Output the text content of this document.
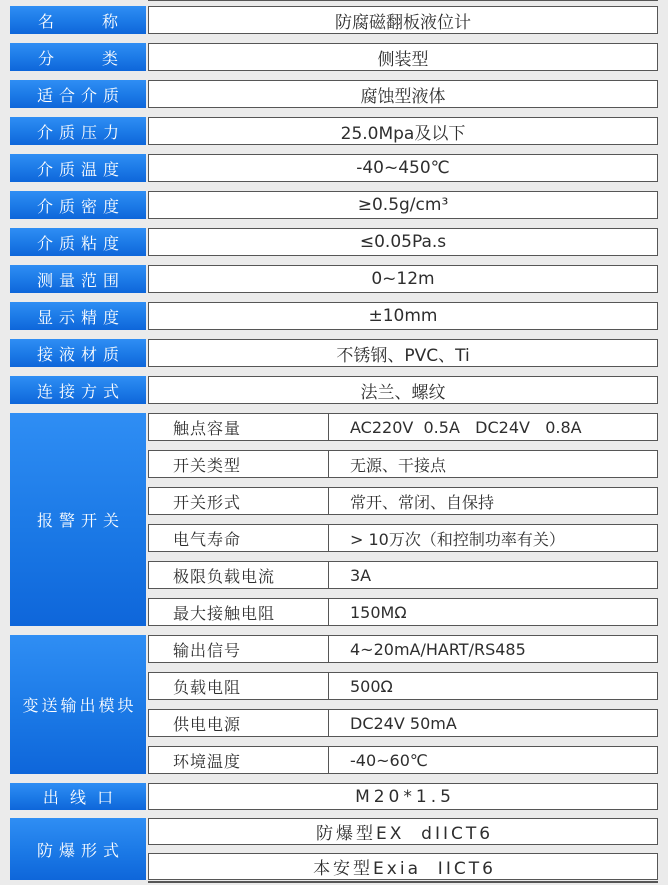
名　　　称	防腐磁翻板液位计
分　　　类	侧装型
适合介质	腐蚀型液体
介质压力	25.0Mpa及以下
介质温度	-40~450℃
介质密度	≥0.5g/cm³
介质粘度	≤0.05Pa.s
测量范围	0~12m
显示精度	±10mm
接液材质	不锈钢、PVC、Ti
连接方式	法兰、螺纹
报警开关
触点容量	AC220V  0.5A   DC24V   0.8A
开关类型	无源、干接点
开关形式	常开、常闭、自保持
电气寿命	> 10万次（和控制功率有关）
极限负载电流	3A
最大接触电阻	150MΩ
变送输出模块
输出信号	4~20mA/HART/RS485
负载电阻	500Ω
供电电源	DC24V 50mA
环境温度	-40~60℃
出 线 口	M20*1.5
防爆形式
防爆型EX  dIICT6
本安型Exia  IICT6
